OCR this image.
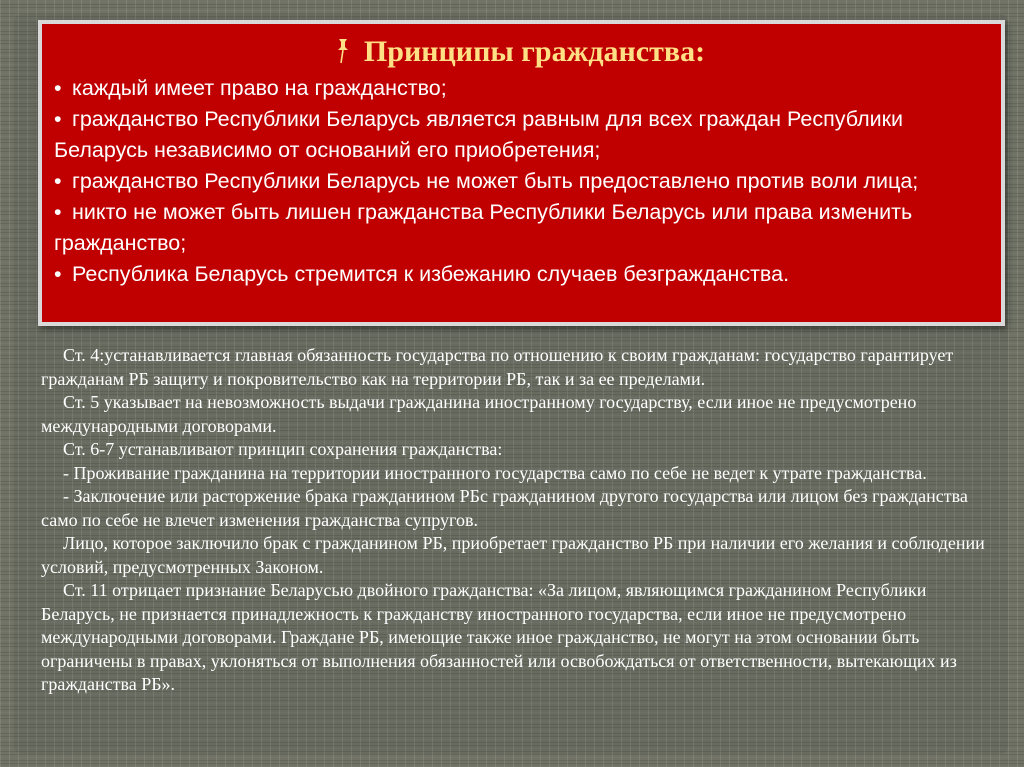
Принципы гражданства:
• каждый имеет право на гражданство;
• гражданство Республики Беларусь является равным для всех граждан Республики Беларусь независимо от оснований его приобретения;
• гражданство Республики Беларусь не может быть предоставлено против воли лица;
• никто не может быть лишен гражданства Республики Беларусь или права изменить гражданство;
• Республика Беларусь стремится к избежанию случаев безгражданства.

Ст. 4:устанавливается главная обязанность государства по отношению к своим гражданам: государство гарантирует гражданам РБ защиту и покровительство как на территории РБ, так и за ее пределами.

Ст. 5 указывает на невозможность выдачи гражданина иностранному государству, если иное не предусмотрено международными договорами.

Ст. 6-7 устанавливают принцип сохранения гражданства:

- Проживание гражданина на территории иностранного государства само по себе не ведет к утрате гражданства.

- Заключение или расторжение брака гражданином РБс гражданином другого государства или лицом без гражданства само по себе не влечет изменения гражданства супругов.

Лицо, которое заключило брак с гражданином РБ, приобретает гражданство РБ при наличии его желания и соблюдении условий, предусмотренных Законом.

Ст. 11 отрицает признание Беларусью двойного гражданства: «За лицом, являющимся гражданином Республики Беларусь, не признается принадлежность к гражданству иностранного государства, если иное не предусмотрено международными договорами. Граждане РБ, имеющие также иное гражданство, не могут на этом основании быть ограничены в правах, уклоняться от выполнения обязанностей или освобождаться от ответственности, вытекающих из гражданства РБ».
